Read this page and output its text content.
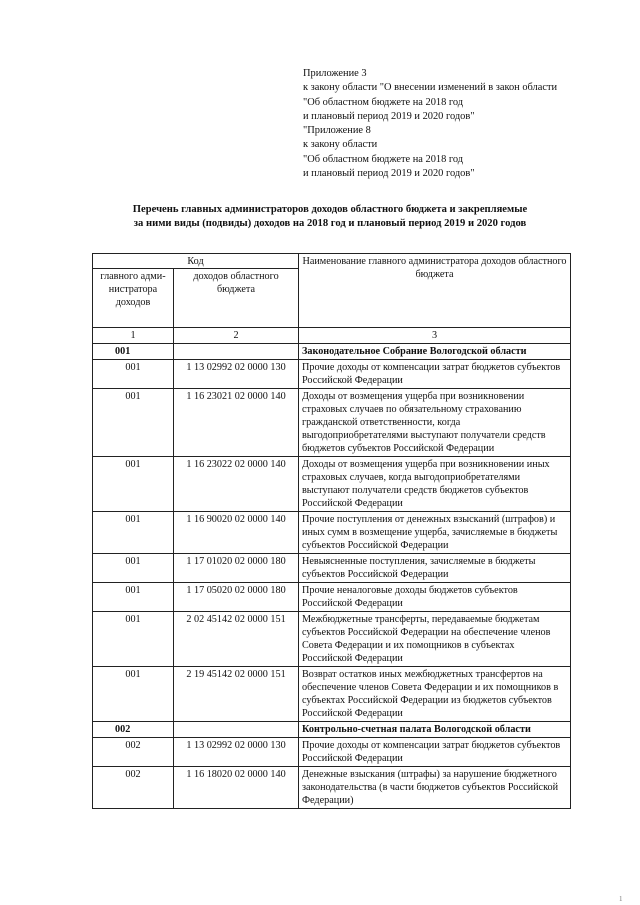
Приложение 3
к закону области "О внесении изменений в закон области
"Об областном бюджете на 2018 год
и плановый период 2019 и 2020 годов"
"Приложение 8
к закону области
"Об областном бюджете на 2018 год
и плановый период 2019 и 2020 годов"
Перечень главных администраторов доходов областного бюджета и закрепляемые
за ними виды (подвиды) доходов на 2018 год и плановый период 2019 и 2020 годов
Код		Наименование главного администратора доходов областного бюджета
главного адми-нистратора доходов	доходов областного бюджета	
1	2	3
001		Законодательное Собрание Вологодской области
001	1 13 02992 02 0000 130	Прочие доходы от компенсации затрат бюджетов субъектов Российской Федерации
001	1 16 23021 02 0000 140	Доходы от возмещения ущерба при возникновении страховых случаев по обязательному страхованию гражданской ответственности, когда выгодоприобретателями выступают получатели средств бюджетов субъектов Российской Федерации
001	1 16 23022 02 0000 140	Доходы от возмещения ущерба при возникновении иных страховых случаев, когда выгодоприобретателями выступают получатели средств бюджетов субъектов Российской Федерации
001	1 16 90020 02 0000 140	Прочие поступления от денежных взысканий (штрафов) и иных сумм в возмещение ущерба, зачисляемые в бюджеты субъектов Российской Федерации
001	1 17 01020 02 0000 180	Невыясненные поступления, зачисляемые в бюджеты субъектов Российской Федерации
001	1 17 05020 02 0000 180	Прочие неналоговые доходы бюджетов субъектов Российской Федерации
001	2 02 45142 02 0000 151	Межбюджетные трансферты, передаваемые бюджетам субъектов Российской Федерации на обеспечение членов Совета Федерации и их помощников в субъектах Российской Федерации
001	2 19 45142 02 0000 151	Возврат остатков иных межбюджетных трансфертов на обеспечение членов Совета Федерации и их помощников в субъектах Российской Федерации из бюджетов субъектов Российской Федерации
002		Контрольно-счетная палата Вологодской области
002	1 13 02992 02 0000 130	Прочие доходы от компенсации затрат бюджетов субъектов Российской Федерации
002	1 16 18020 02 0000 140	Денежные взыскания (штрафы) за нарушение бюджетного законодательства (в части бюджетов субъектов Российской Федерации)
1
